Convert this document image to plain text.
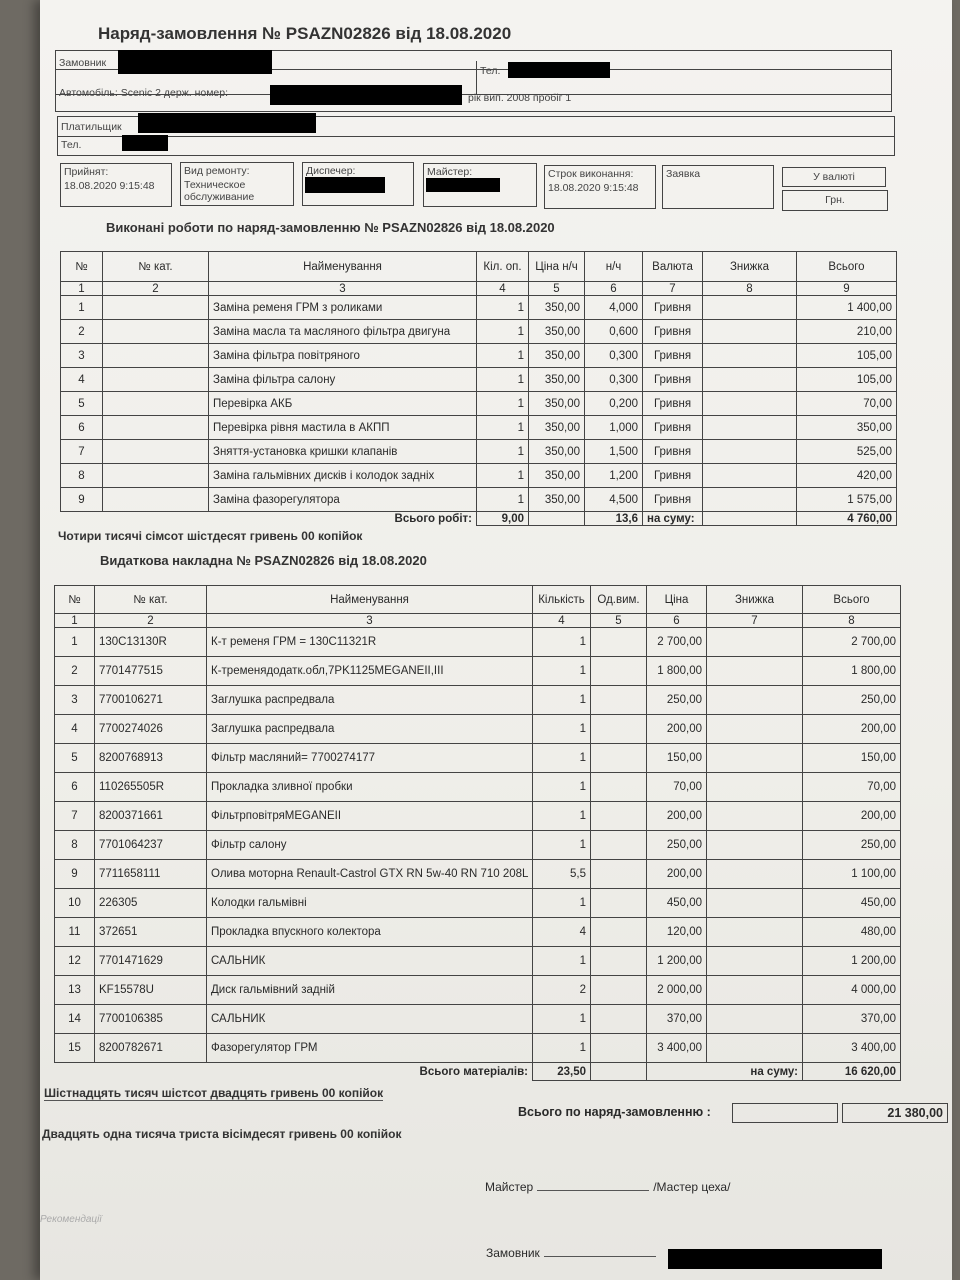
Наряд-замовлення № PSAZN02826 від 18.08.2020
Замовник
Тел.
Автомобіль: Scenic 2 держ. номер:	рік вип. 2008 пробіг 1
Платильщик
Тел.
Прийнят:
18.08.2020 9:15:48
Вид ремонту:
Техническое
обслуживание
Диспечер:	Майстер:	Строк виконання:
18.08.2020 9:15:48
Заявка	У валюті
Грн.
Виконані роботи по наряд-замовленню № PSAZN02826 від 18.08.2020
№	№ кат.	Найменування	Кіл. оп.	Ціна н/ч	н/ч	Валюта	Знижка	Всього
1	2	3	4	5	6	7	8	9
1		Заміна ременя ГРМ з роликами	1	350,00	4,000	Гривня		1 400,00
2		Заміна масла та масляного фільтра двигуна	1	350,00	0,600	Гривня		210,00
3		Заміна фільтра повітряного	1	350,00	0,300	Гривня		105,00
4		Заміна фільтра салону	1	350,00	0,300	Гривня		105,00
5		Перевірка АКБ	1	350,00	0,200	Гривня		70,00
6		Перевірка рівня мастила в АКПП	1	350,00	1,000	Гривня		350,00
7		Зняття-установка кришки клапанів	1	350,00	1,500	Гривня		525,00
8		Заміна гальмівних дисків і колодок задніх	1	350,00	1,200	Гривня		420,00
9		Заміна фазорегулятора	1	350,00	4,500	Гривня		1 575,00
		Всього робіт:	9,00		13,6	на суму:		4 760,00
Чотири тисячі сімсот шістдесят гривень 00 копійок
Видаткова накладна № PSAZN02826 від 18.08.2020
№	№ кат.	Найменування	Кількість	Од.вим.	Ціна	Знижка	Всього
1	2	3	4	5	6	7	8
1	130C13130R	К-т ременя ГРМ = 130C11321R	1		2 700,00		2 700,00
2	7701477515	К-тременядодатк.обл,7PK1125MEGANEII,III	1		1 800,00		1 800,00
3	7700106271	Заглушка распредвала	1		250,00		250,00
4	7700274026	Заглушка распредвала	1		200,00		200,00
5	8200768913	Фільтр масляний= 7700274177	1		150,00		150,00
6	110265505R	Прокладка зливної пробки	1		70,00		70,00
7	8200371661	ФільтрповітряMEGANEII	1		200,00		200,00
8	7701064237	Фільтр салону	1		250,00		250,00
9	7711658111	Олива моторна Renault-Castrol GTX RN 5w-40 RN 710 208L	5,5		200,00		1 100,00
10	226305	Колодки гальмівні	1		450,00		450,00
11	372651	Прокладка впускного колектора	4		120,00		480,00
12	7701471629	САЛЬНИК	1		1 200,00		1 200,00
13	KF15578U	Диск гальмівний задній	2		2 000,00		4 000,00
14	7700106385	САЛЬНИК	1		370,00		370,00
15	8200782671	Фазорегулятор ГРМ	1		3 400,00		3 400,00
		Всього матеріалів:	23,50		на суму:		16 620,00
Шістнадцять тисяч шістсот двадцять гривень 00 копійок
Всього по наряд-замовленню :	21 380,00
Двадцять одна тисяча триста вісімдесят гривень 00 копійок
Майстер	/Мастер цеха/
Рекомендації
Замовник
